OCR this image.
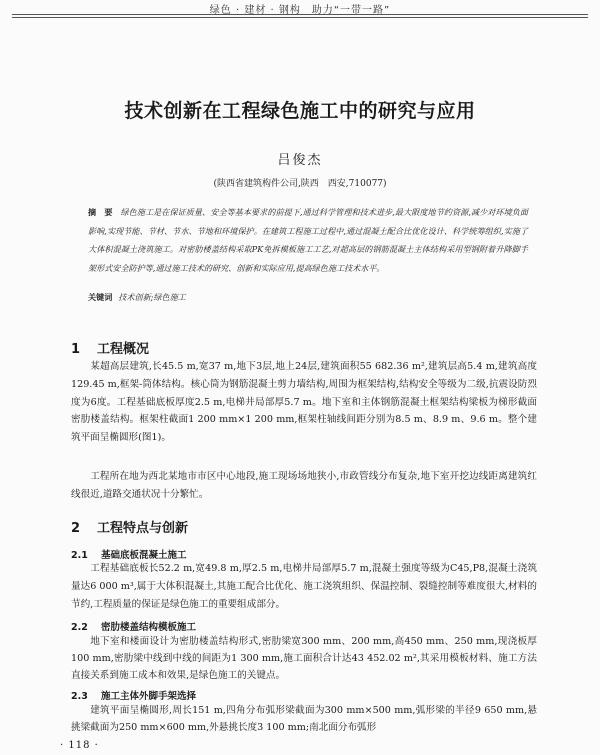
绿色 · 建材 · 钢构　助力“一带一路”
技术创新在工程绿色施工中的研究与应用
吕俊杰
(陕西省建筑构件公司,陕西　西安,710077)
摘　要 绿色施工是在保证质量、安全等基本要求的前提下,通过科学管理和技术进步,最大限度地节约资源,减少对环境负面影响,实现节能、节材、节水、节地和环境保护。在建筑工程施工过程中,通过混凝土配合比优化设计、科学统筹组织,实施了大体积混凝土浇筑施工。对密肋楼盖结构采取PK免拆模板施工工艺,对超高层的钢筋混凝土主体结构采用型钢附着升降脚手架形式安全防护等,通过施工技术的研究、创新和实际应用,提高绿色施工技术水平。
关键词 技术创新;绿色施工
1 工程概况
某超高层建筑,长45.5 m,宽37 m,地下3层,地上24层,建筑面积55 682.36 m²,建筑层高5.4 m,建筑高度129.45 m,框架-筒体结构。核心筒为钢筋混凝土剪力墙结构,周围为框架结构,结构安全等级为二级,抗震设防烈度为6度。工程基础底板厚度2.5 m,电梯井局部厚5.7 m。地下室和主体钢筋混凝土框架结构梁板为梯形截面密肋楼盖结构。框架柱截面1 200 mm×1 200 mm,框架柱轴线间距分别为8.5 m、8.9 m、9.6 m。整个建筑平面呈椭圆形(图1)。
工程所在地为西北某地市市区中心地段,施工现场场地狭小,市政管线分布复杂,地下室开挖边线距离建筑红线很近,道路交通状况十分繁忙。
2 工程特点与创新
2.1 基础底板混凝土施工
工程基础底板长52.2 m,宽49.8 m,厚2.5 m,电梯井局部厚5.7 m,混凝土强度等级为C45,P8,混凝土浇筑量达6 000 m³,属于大体积混凝土,其施工配合比优化、施工浇筑组织、保温控制、裂缝控制等难度很大,材料的节约,工程质量的保证是绿色施工的重要组成部分。
2.2 密肋楼盖结构模板施工
地下室和楼面设计为密肋楼盖结构形式,密肋梁宽300 mm、200 mm,高450 mm、250 mm,现浇板厚100 mm,密肋梁中线到中线的间距为1 300 mm,施工面积合计达43 452.02 m²,其采用模板材料、施工方法直接关系到施工成本和效果,是绿色施工的关键点。
2.3 施工主体外脚手架选择
建筑平面呈椭圆形,周长151 m,四角分布弧形梁截面为300 mm×500 mm,弧形梁的半径9 650 mm,悬挑梁截面为250 mm×600 mm,外悬挑长度3 100 mm;南北面分布弧形
· 118 ·
